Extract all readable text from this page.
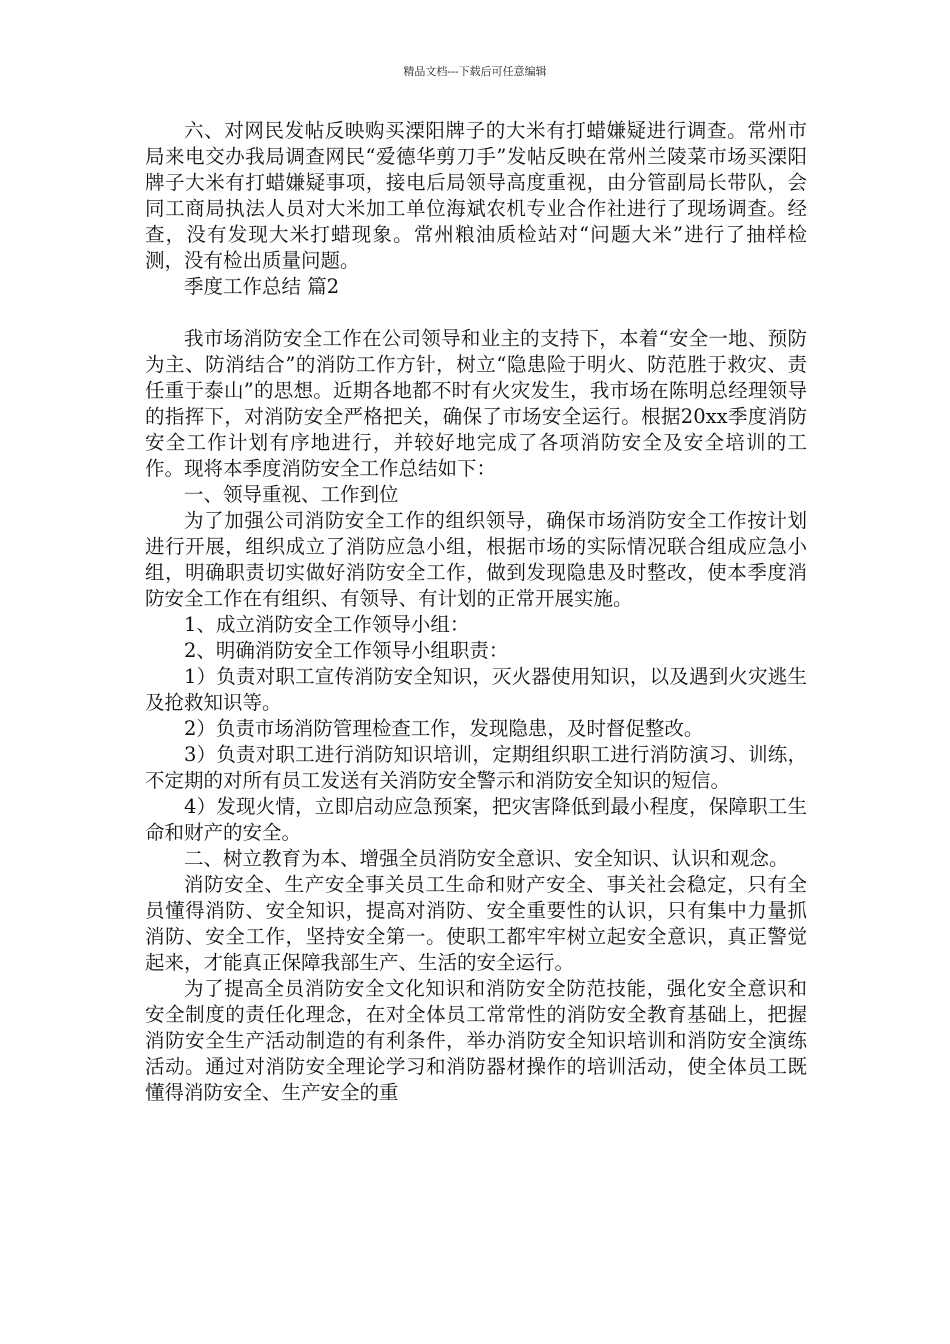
精品文档---下载后可任意编辑

六、对网民发帖反映购买溧阳牌子的大米有打蜡嫌疑进行调查。常州市局来电交办我局调查网民“爱德华剪刀手”发帖反映在常州兰陵菜市场买溧阳牌子大米有打蜡嫌疑事项，接电后局领导高度重视，由分管副局长带队，会同工商局执法人员对大米加工单位海斌农机专业合作社进行了现场调查。经查，没有发现大米打蜡现象。常州粮油质检站对“问题大米”进行了抽样检测，没有检出质量问题。

季度工作总结 篇2

我市场消防安全工作在公司领导和业主的支持下，本着“安全一地、预防为主、防消结合”的消防工作方针，树立“隐患险于明火、防范胜于救灾、责任重于泰山”的思想。近期各地都不时有火灾发生，我市场在陈明总经理领导的指挥下，对消防安全严格把关，确保了市场安全运行。根据20xx季度消防安全工作计划有序地进行，并较好地完成了各项消防安全及安全培训的工作。现将本季度消防安全工作总结如下：

一、领导重视、工作到位

为了加强公司消防安全工作的组织领导，确保市场消防安全工作按计划进行开展，组织成立了消防应急小组，根据市场的实际情况联合组成应急小组，明确职责切实做好消防安全工作，做到发现隐患及时整改，使本季度消防安全工作在有组织、有领导、有计划的正常开展实施。

1、成立消防安全工作领导小组：

2、明确消防安全工作领导小组职责：

1）负责对职工宣传消防安全知识，灭火器使用知识，以及遇到火灾逃生及抢救知识等。

2）负责市场消防管理检查工作，发现隐患，及时督促整改。

3）负责对职工进行消防知识培训，定期组织职工进行消防演习、训练，不定期的对所有员工发送有关消防安全警示和消防安全知识的短信。

4）发现火情，立即启动应急预案，把灾害降低到最小程度，保障职工生命和财产的安全。

二、树立教育为本、增强全员消防安全意识、安全知识、认识和观念。

消防安全、生产安全事关员工生命和财产安全、事关社会稳定，只有全员懂得消防、安全知识，提高对消防、安全重要性的认识，只有集中力量抓消防、安全工作，坚持安全第一。使职工都牢牢树立起安全意识，真正警觉起来，才能真正保障我部生产、生活的安全运行。

为了提高全员消防安全文化知识和消防安全防范技能，强化安全意识和安全制度的责任化理念，在对全体员工常常性的消防安全教育基础上，把握消防安全生产活动制造的有利条件，举办消防安全知识培训和消防安全演练活动。通过对消防安全理论学习和消防器材操作的培训活动，使全体员工既懂得消防安全、生产安全的重
